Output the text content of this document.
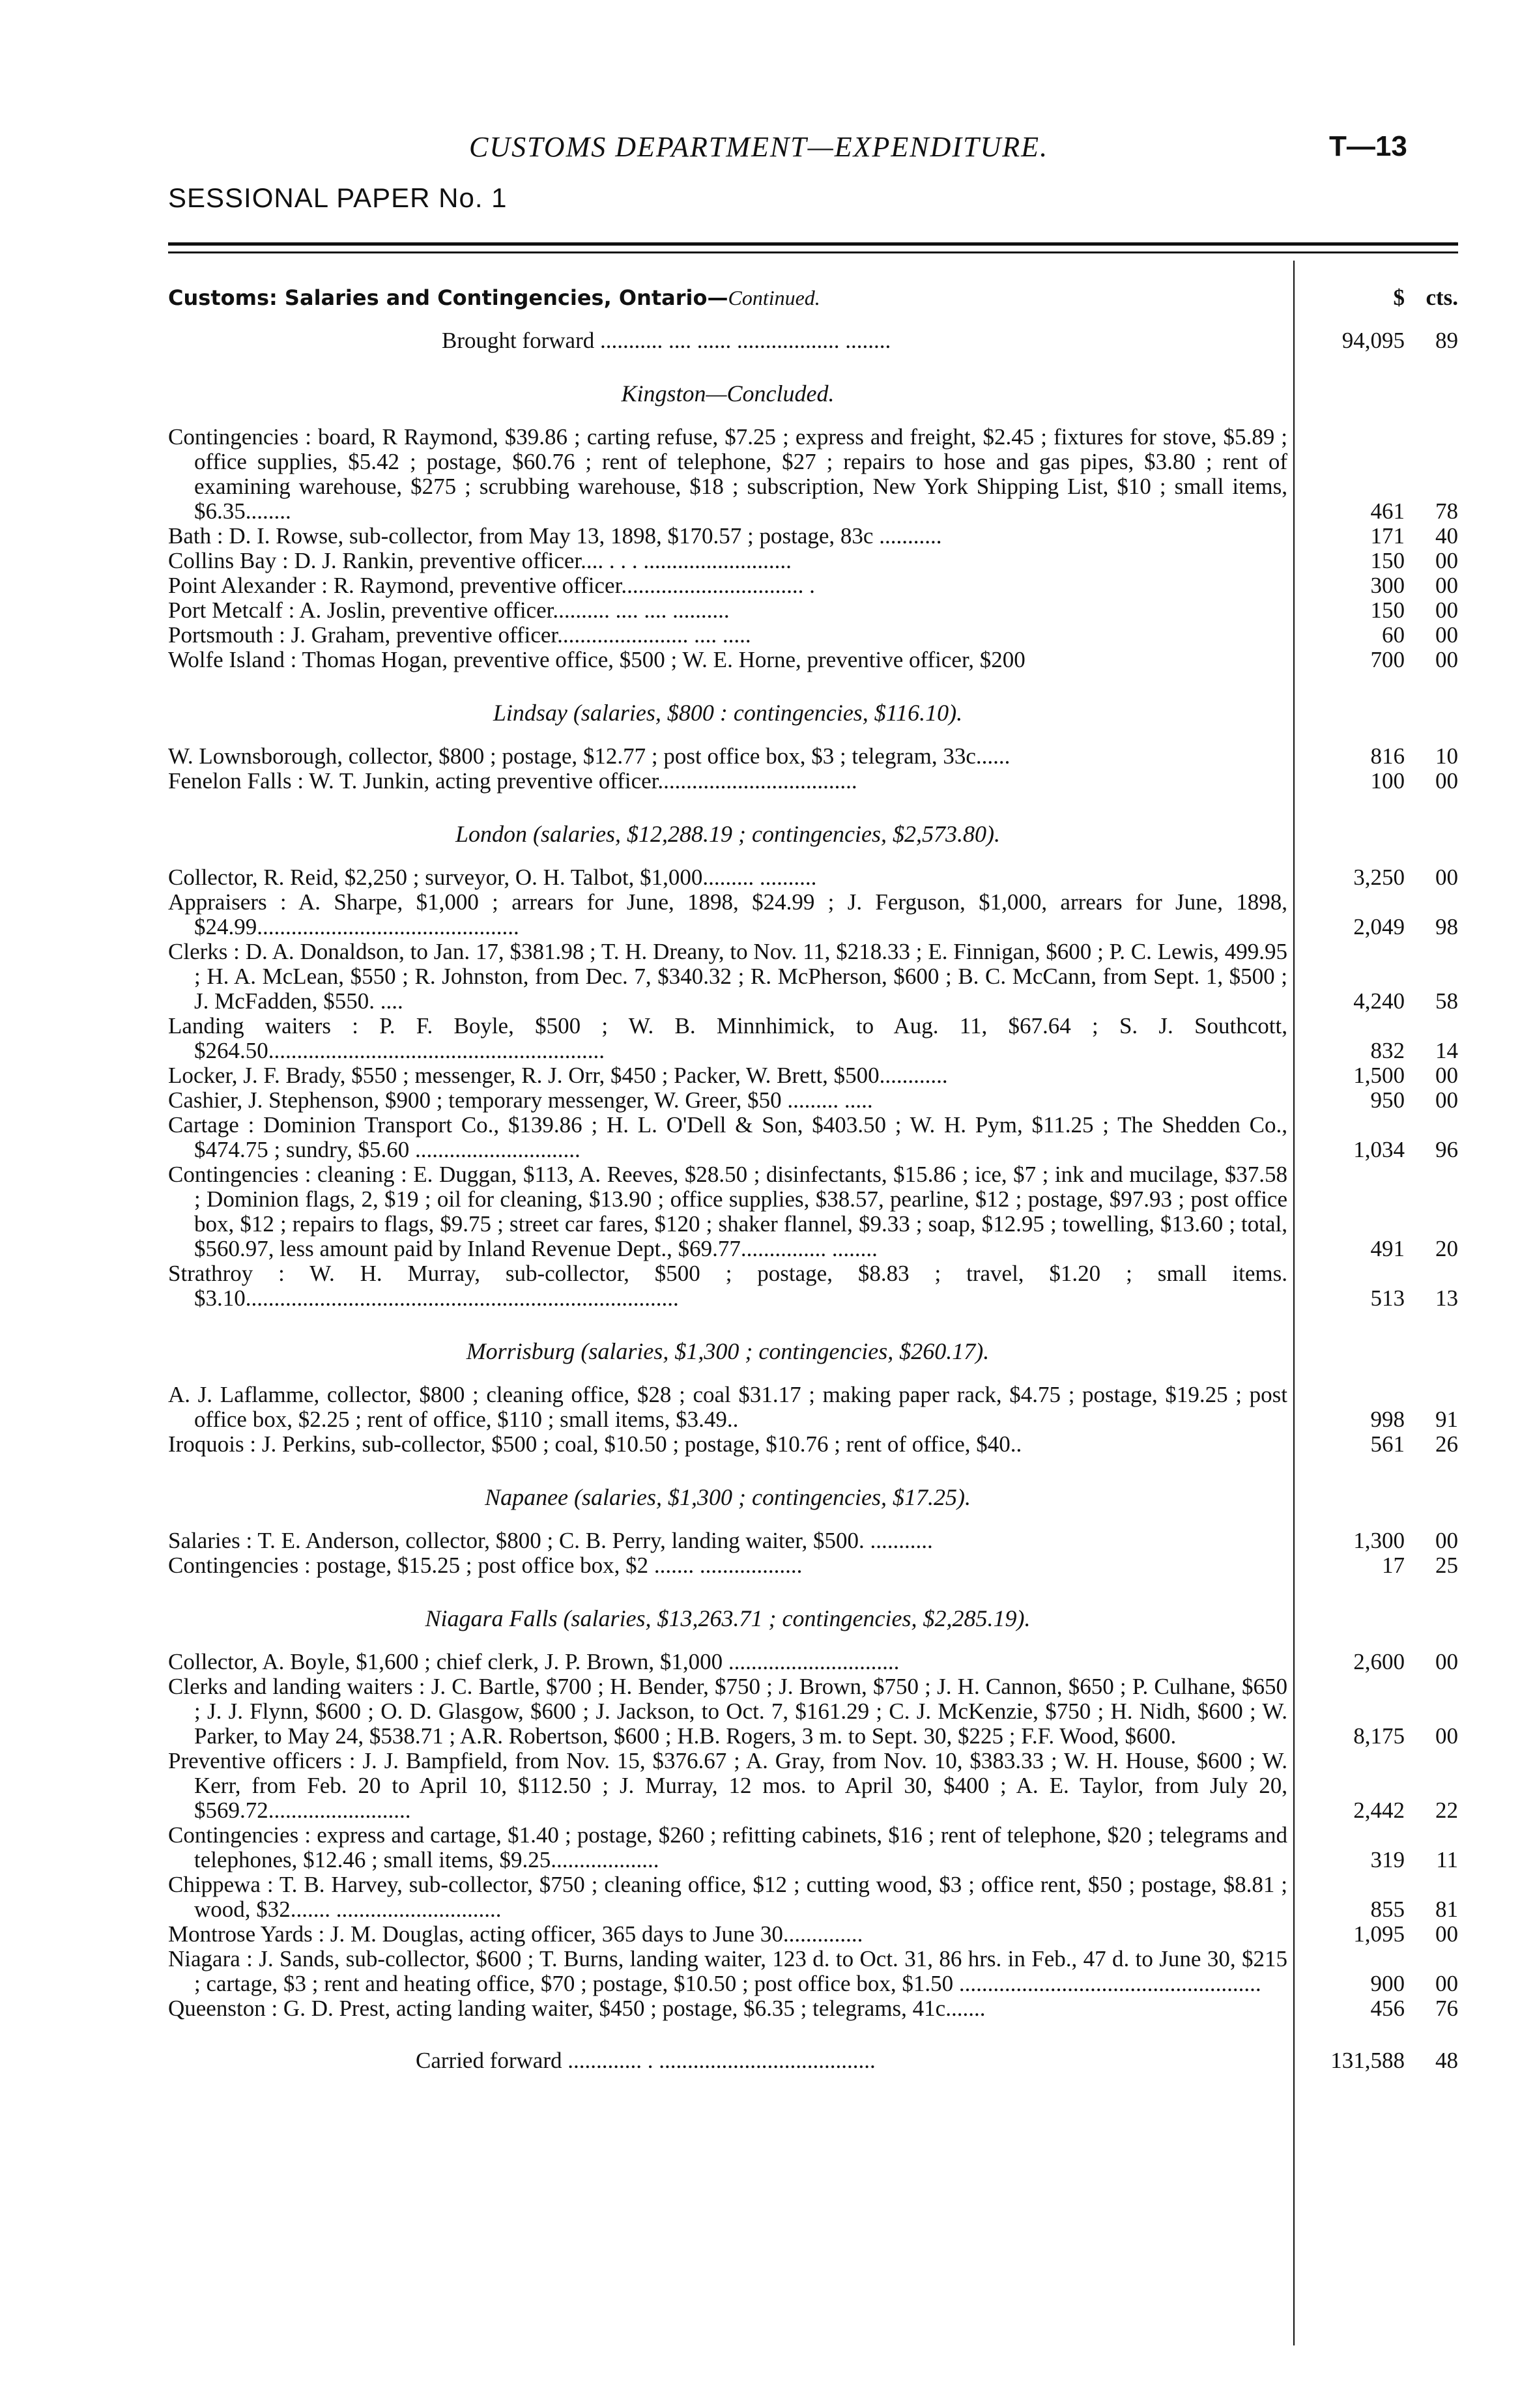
CUSTOMS DEPARTMENT—EXPENDITURE.	T—13
SESSIONAL PAPER No. 1
Customs: Salaries and Contingencies, Ontario—Continued.	$ cts.
Brought forward ........... .... ...... .................. ........	94,095	89
Kingston—Concluded.
Contingencies : board, R Raymond, $39.86 ; carting refuse, $7.25 ; express and freight, $2.45 ; fixtures for stove, $5.89 ; office supplies, $5.42 ; postage, $60.76 ; rent of telephone, $27 ; repairs to hose and gas pipes, $3.80 ; rent of examining warehouse, $275 ; scrubbing warehouse, $18 ; subscription, New York Shipping List, $10 ; small items, $6.35........	461	78
Bath : D. I. Rowse, sub-collector, from May 13, 1898, $170.57 ; postage, 83c ...........	171	40
Collins Bay : D. J. Rankin, preventive officer.... . . . ..........................	150	00
Point Alexander : R. Raymond, preventive officer................................ .	300	00
Port Metcalf : A. Joslin, preventive officer.......... .... .... ..........	150	00
Portsmouth : J. Graham, preventive officer....................... .... .....	60	00
Wolfe Island : Thomas Hogan, preventive office, $500 ; W. E. Horne, preventive officer, $200	700	00
Lindsay (salaries, $800 : contingencies, $116.10).
W. Lownsborough, collector, $800 ; postage, $12.77 ; post office box, $3 ; telegram, 33c......	816	10
Fenelon Falls : W. T. Junkin, acting preventive officer...................................	100	00
London (salaries, $12,288.19 ; contingencies, $2,573.80).
Collector, R. Reid, $2,250 ; surveyor, O. H. Talbot, $1,000......... ..........	3,250	00
Appraisers : A. Sharpe, $1,000 ; arrears for June, 1898, $24.99 ; J. Ferguson, $1,000, arrears for June, 1898, $24.99..............................................	2,049	98
Clerks : D. A. Donaldson, to Jan. 17, $381.98 ; T. H. Dreany, to Nov. 11, $218.33 ; E. Finnigan, $600 ; P. C. Lewis, 499.95 ; H. A. McLean, $550 ; R. Johnston, from Dec. 7, $340.32 ; R. McPherson, $600 ; B. C. McCann, from Sept. 1, $500 ; J. McFadden, $550. ....	4,240	58
Landing waiters : P. F. Boyle, $500 ; W. B. Minnhimick, to Aug. 11, $67.64 ; S. J. Southcott, $264.50...........................................................	832	14
Locker, J. F. Brady, $550 ; messenger, R. J. Orr, $450 ; Packer, W. Brett, $500............	1,500	00
Cashier, J. Stephenson, $900 ; temporary messenger, W. Greer, $50 ......... .....	950	00
Cartage : Dominion Transport Co., $139.86 ; H. L. O'Dell & Son, $403.50 ; W. H. Pym, $11.25 ; The Shedden Co., $474.75 ; sundry, $5.60 .............................	1,034	96
Contingencies : cleaning : E. Duggan, $113, A. Reeves, $28.50 ; disinfectants, $15.86 ; ice, $7 ; ink and mucilage, $37.58 ; Dominion flags, 2, $19 ; oil for cleaning, $13.90 ; office supplies, $38.57, pearline, $12 ; postage, $97.93 ; post office box, $12 ; repairs to flags, $9.75 ; street car fares, $120 ; shaker flannel, $9.33 ; soap, $12.95 ; towelling, $13.60 ; total, $560.97, less amount paid by Inland Revenue Dept., $69.77............... ........	491	20
Strathroy : W. H. Murray, sub-collector, $500 ; postage, $8.83 ; travel, $1.20 ; small items. $3.10............................................................................	513	13
Morrisburg (salaries, $1,300 ; contingencies, $260.17).
A. J. Laflamme, collector, $800 ; cleaning office, $28 ; coal $31.17 ; making paper rack, $4.75 ; postage, $19.25 ; post office box, $2.25 ; rent of office, $110 ; small items, $3.49..	998	91
Iroquois : J. Perkins, sub-collector, $500 ; coal, $10.50 ; postage, $10.76 ; rent of office, $40..	561	26
Napanee (salaries, $1,300 ; contingencies, $17.25).
Salaries : T. E. Anderson, collector, $800 ; C. B. Perry, landing waiter, $500. ...........	1,300	00
Contingencies : postage, $15.25 ; post office box, $2 ....... ..................	17	25
Niagara Falls (salaries, $13,263.71 ; contingencies, $2,285.19).
Collector, A. Boyle, $1,600 ; chief clerk, J. P. Brown, $1,000 ..............................	2,600	00
Clerks and landing waiters : J. C. Bartle, $700 ; H. Bender, $750 ; J. Brown, $750 ; J. H. Cannon, $650 ; P. Culhane, $650 ; J. J. Flynn, $600 ; O. D. Glasgow, $600 ; J. Jackson, to Oct. 7, $161.29 ; C. J. McKenzie, $750 ; H. Nidh, $600 ; W. Parker, to May 24, $538.71 ; A.R. Robertson, $600 ; H.B. Rogers, 3 m. to Sept. 30, $225 ; F.F. Wood, $600.	8,175	00
Preventive officers : J. J. Bampfield, from Nov. 15, $376.67 ; A. Gray, from Nov. 10, $383.33 ; W. H. House, $600 ; W. Kerr, from Feb. 20 to April 10, $112.50 ; J. Murray, 12 mos. to April 30, $400 ; A. E. Taylor, from July 20, $569.72.........................	2,442	22
Contingencies : express and cartage, $1.40 ; postage, $260 ; refitting cabinets, $16 ; rent of telephone, $20 ; telegrams and telephones, $12.46 ; small items, $9.25...................	319	11
Chippewa : T. B. Harvey, sub-collector, $750 ; cleaning office, $12 ; cutting wood, $3 ; office rent, $50 ; postage, $8.81 ; wood, $32....... .............................	855	81
Montrose Yards : J. M. Douglas, acting officer, 365 days to June 30..............	1,095	00
Niagara : J. Sands, sub-collector, $600 ; T. Burns, landing waiter, 123 d. to Oct. 31, 86 hrs. in Feb., 47 d. to June 30, $215 ; cartage, $3 ; rent and heating office, $70 ; postage, $10.50 ; post office box, $1.50 .....................................................	900	00
Queenston : G. D. Prest, acting landing waiter, $450 ; postage, $6.35 ; telegrams, 41c.......	456	76
Carried forward ............. . ......................................	131,588	48
